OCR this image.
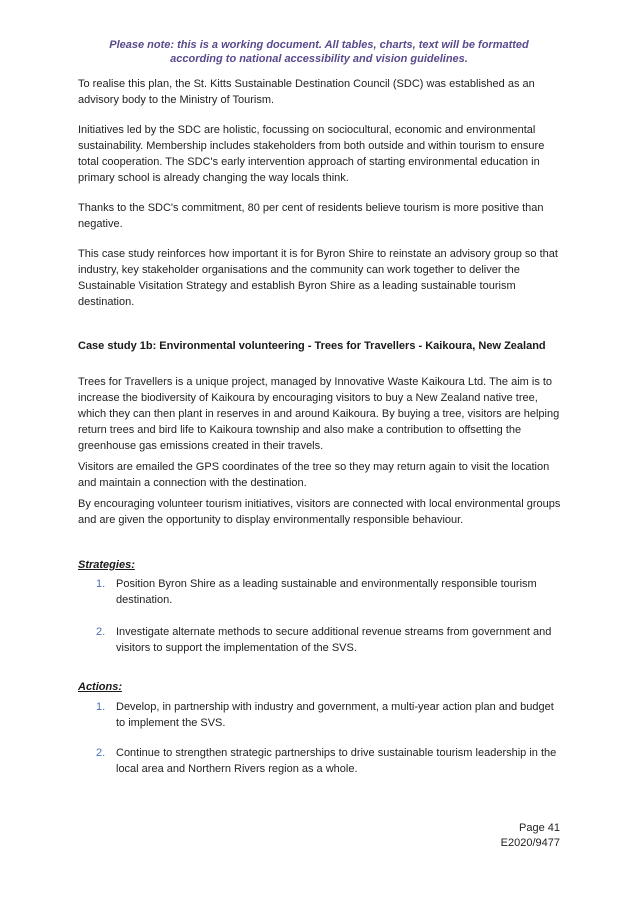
Please note: this is a working document. All tables, charts, text will be formatted
according to national accessibility and vision guidelines.

To realise this plan, the St. Kitts Sustainable Destination Council (SDC) was established as an advisory body to the Ministry of Tourism.

Initiatives led by the SDC are holistic, focussing on sociocultural, economic and environmental sustainability. Membership includes stakeholders from both outside and within tourism to ensure total cooperation. The SDC's early intervention approach of starting environmental education in primary school is already changing the way locals think.

Thanks to the SDC's commitment, 80 per cent of residents believe tourism is more positive than negative.

This case study reinforces how important it is for Byron Shire to reinstate an advisory group so that industry, key stakeholder organisations and the community can work together to deliver the Sustainable Visitation Strategy and establish Byron Shire as a leading sustainable tourism destination.

Case study 1b: Environmental volunteering - Trees for Travellers - Kaikoura, New Zealand

Trees for Travellers is a unique project, managed by Innovative Waste Kaikoura Ltd. The aim is to increase the biodiversity of Kaikoura by encouraging visitors to buy a New Zealand native tree, which they can then plant in reserves in and around Kaikoura. By buying a tree, visitors are helping return trees and bird life to Kaikoura township and also make a contribution to offsetting the greenhouse gas emissions created in their travels.

Visitors are emailed the GPS coordinates of the tree so they may return again to visit the location and maintain a connection with the destination.

By encouraging volunteer tourism initiatives, visitors are connected with local environmental groups and are given the opportunity to display environmentally responsible behaviour.

Strategies:
1. Position Byron Shire as a leading sustainable and environmentally responsible tourism destination.
2. Investigate alternate methods to secure additional revenue streams from government and visitors to support the implementation of the SVS.
Actions:
1. Develop, in partnership with industry and government, a multi-year action plan and budget to implement the SVS.
2. Continue to strengthen strategic partnerships to drive sustainable tourism leadership in the local area and Northern Rivers region as a whole.
Page 41
E2020/9477
